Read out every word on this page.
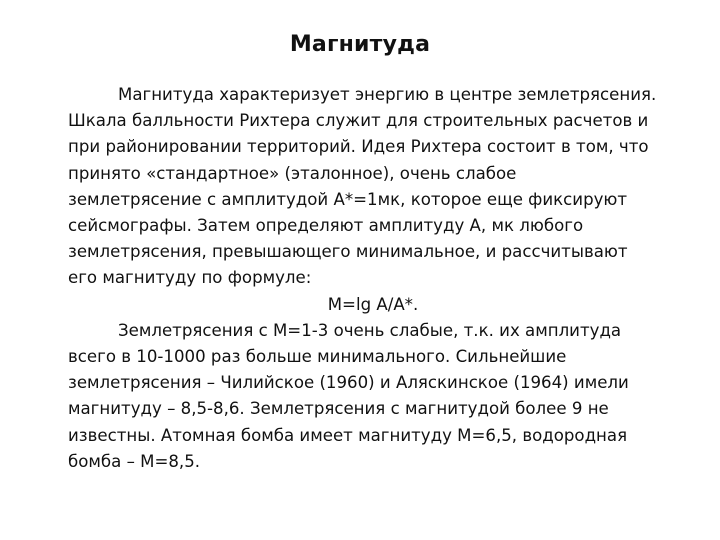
Магнитуда
Магнитуда характеризует энергию в центре землетрясения.
Шкала балльности Рихтера служит для строительных расчетов и
при районировании территорий. Идея Рихтера состоит в том, что
принято «стандартное» (эталонное), очень слабое
землетрясение с амплитудой А*=1мк, которое еще фиксируют
сейсмографы. Затем определяют амплитуду А, мк любого
землетрясения, превышающего минимальное, и рассчитывают
его магнитуду по формуле:
M=lg A/A*.
Землетрясения с М=1-3 очень слабые, т.к. их амплитуда
всего в 10-1000 раз больше минимального. Сильнейшие
землетрясения – Чилийское (1960) и Аляскинское (1964) имели
магнитуду – 8,5-8,6. Землетрясения с магнитудой более 9 не
известны. Атомная бомба имеет магнитуду М=6,5, водородная
бомба – М=8,5.
